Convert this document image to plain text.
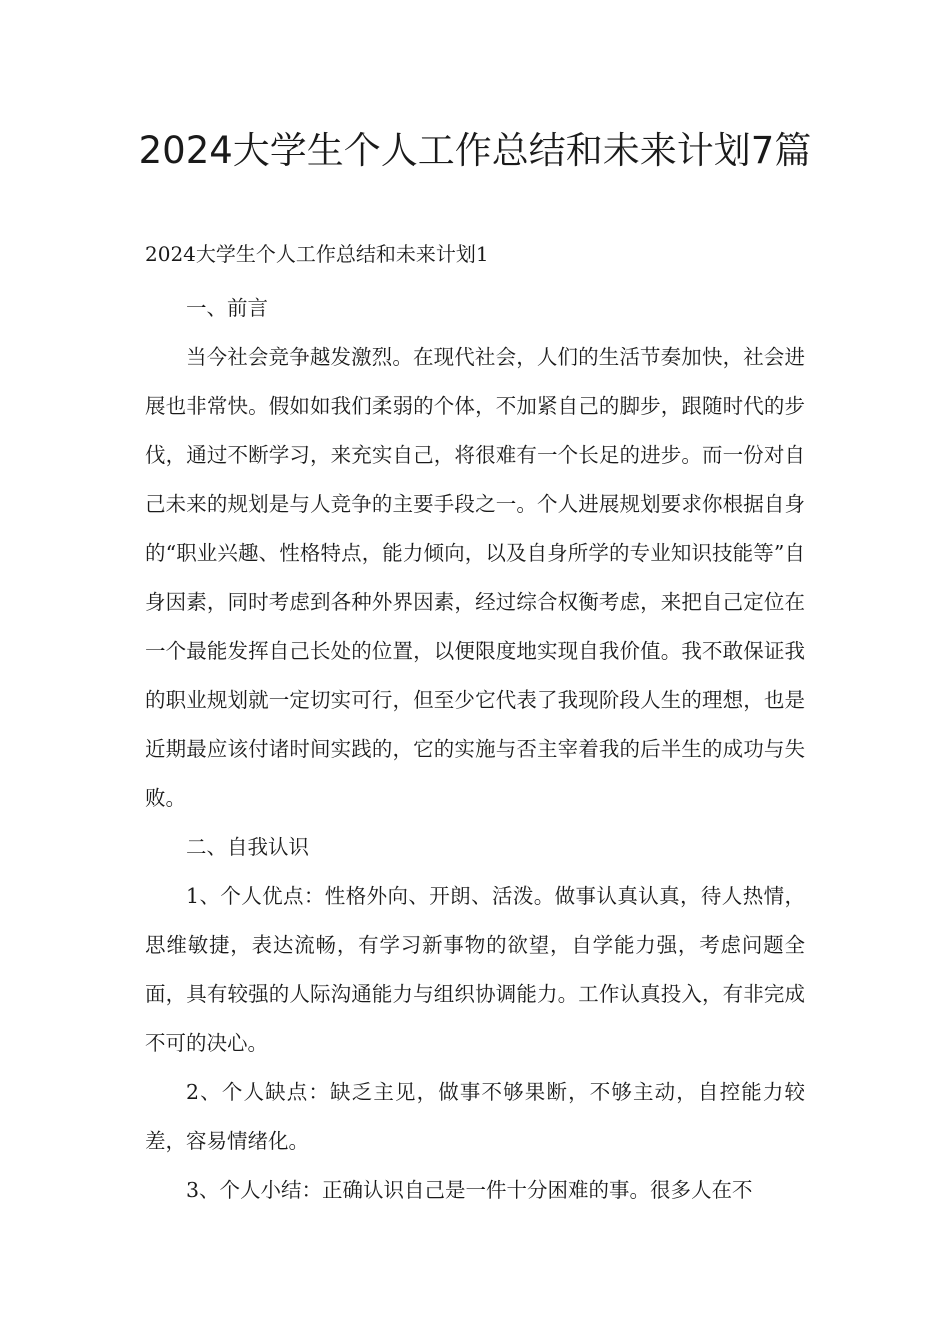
2024大学生个人工作总结和未来计划7篇

2024大学生个人工作总结和未来计划1

一、前言

当今社会竞争越发激烈。在现代社会，人们的生活节奏加快，社会进展也非常快。假如如我们柔弱的个体，不加紧自己的脚步，跟随时代的步伐，通过不断学习，来充实自己，将很难有一个长足的进步。而一份对自己未来的规划是与人竞争的主要手段之一。个人进展规划要求你根据自身的“职业兴趣、性格特点，能力倾向，以及自身所学的专业知识技能等”自身因素，同时考虑到各种外界因素，经过综合权衡考虑，来把自己定位在一个最能发挥自己长处的位置，以便限度地实现自我价值。我不敢保证我的职业规划就一定切实可行，但至少它代表了我现阶段人生的理想，也是近期最应该付诸时间实践的，它的实施与否主宰着我的后半生的成功与失败。

二、自我认识

1、个人优点：性格外向、开朗、活泼。做事认真认真，待人热情，思维敏捷，表达流畅，有学习新事物的欲望，自学能力强，考虑问题全面，具有较强的人际沟通能力与组织协调能力。工作认真投入，有非完成不可的决心。

2、个人缺点：缺乏主见，做事不够果断，不够主动，自控能力较差，容易情绪化。

3、个人小结：正确认识自己是一件十分困难的事。很多人在不
